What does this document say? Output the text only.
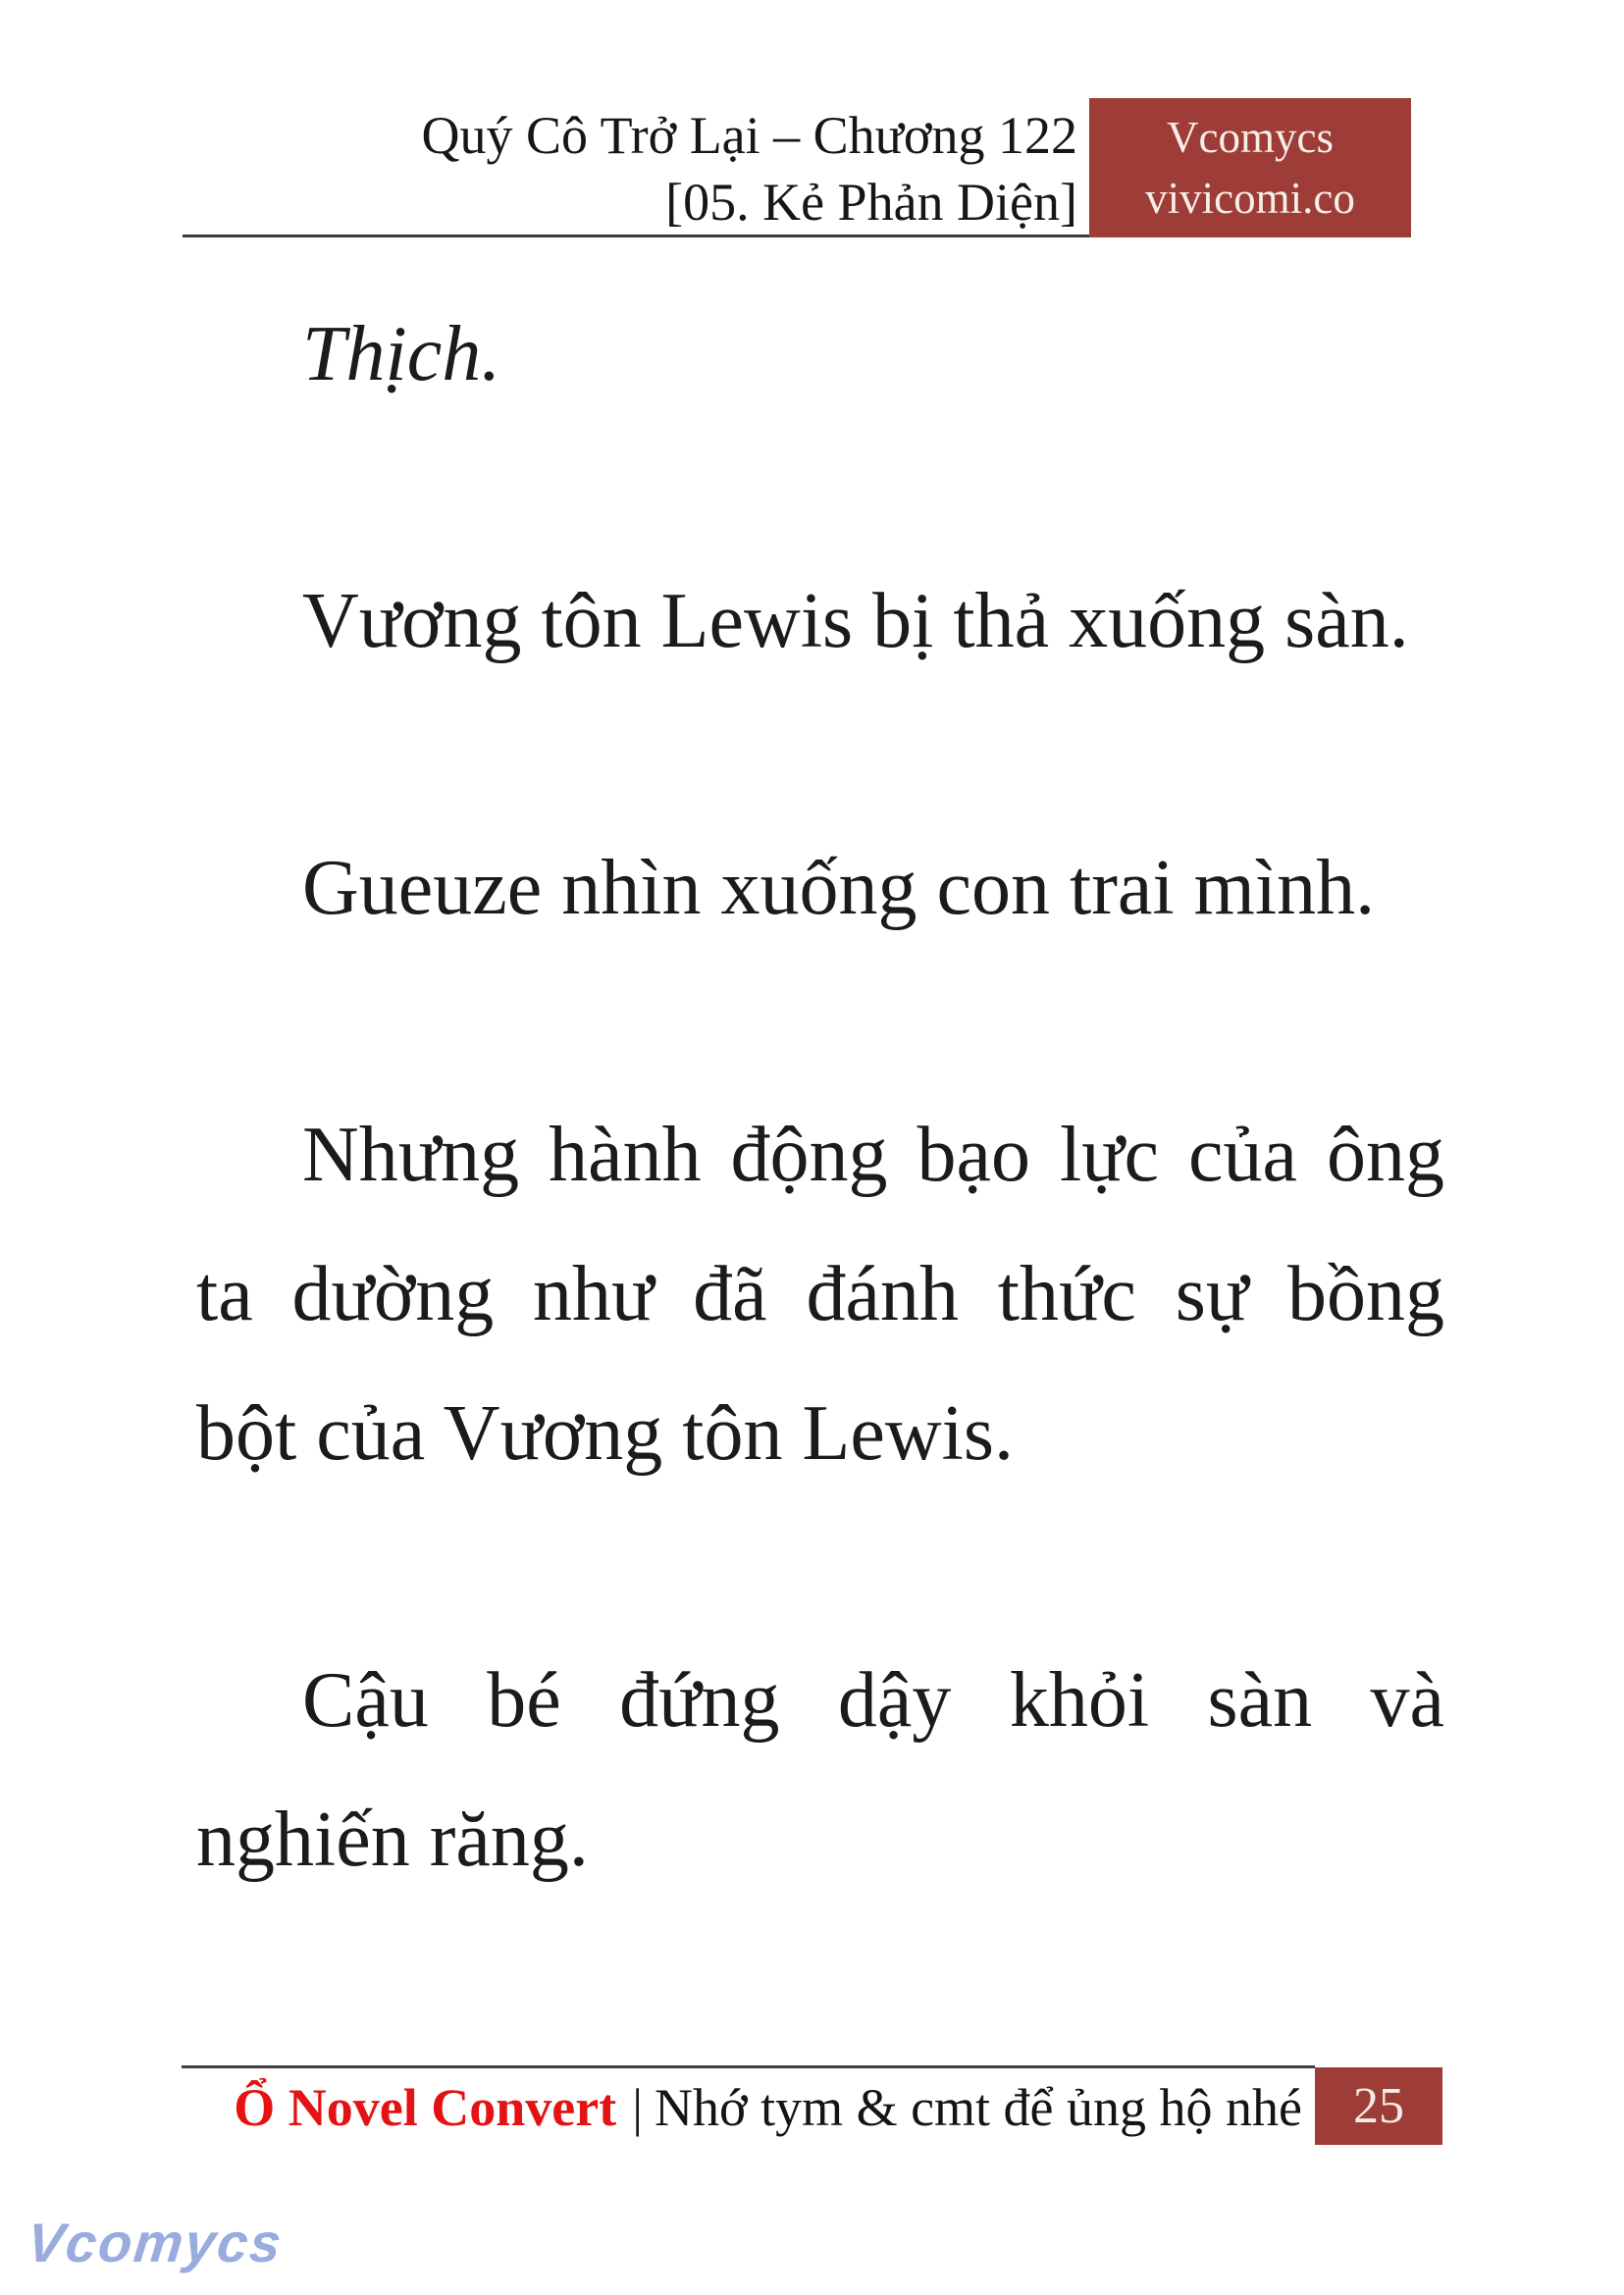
Quý Cô Trở Lại – Chương 122
[05. Kẻ Phản Diện]
Vcomycs
vivicomi.co

Thịch.

Vương tôn Lewis bị thả xuống sàn.

Gueuze nhìn xuống con trai mình.

Nhưng hành động bạo lực của ông
ta dường như đã đánh thức sự bồng
bột của Vương tôn Lewis.

Cậu bé đứng dậy khỏi sàn và
nghiến răng.

Ổ Novel Convert | Nhớ tym & cmt để ủng hộ nhé 25
Vcomycs
